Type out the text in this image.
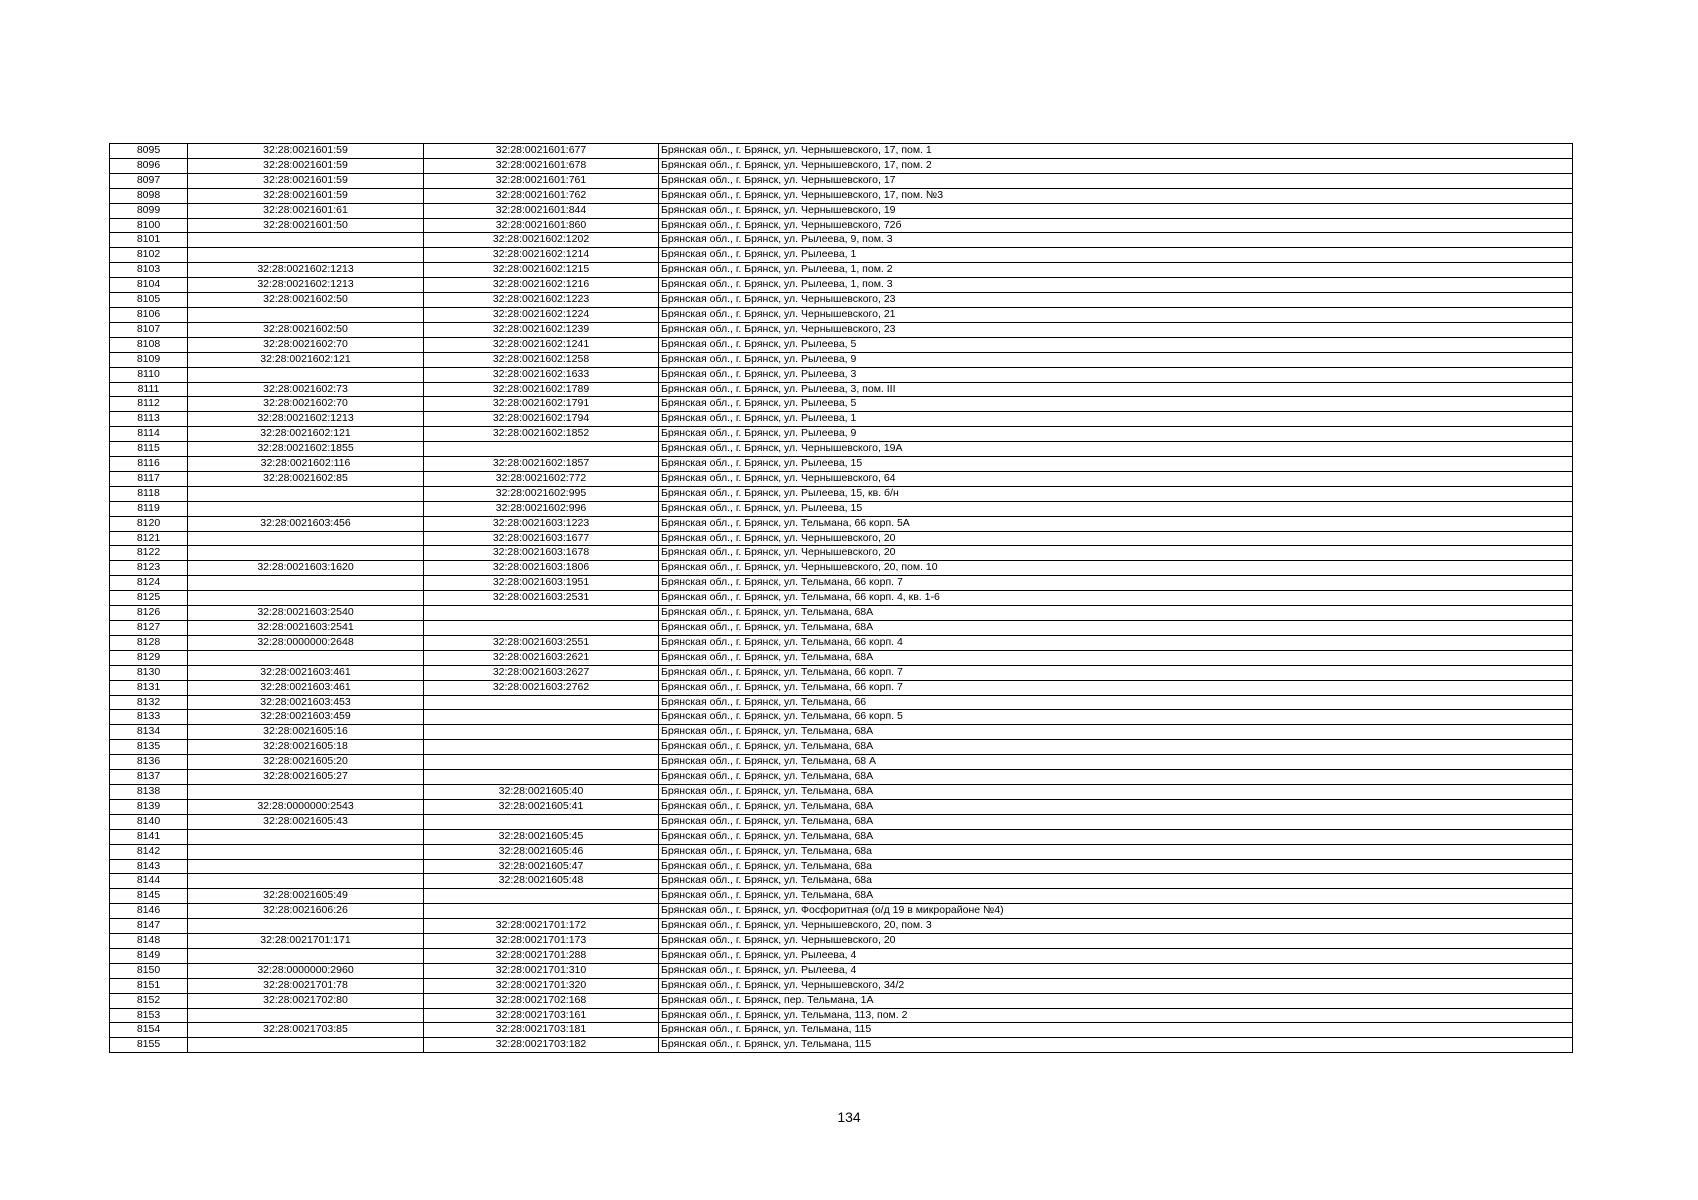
8095	32:28:0021601:59	32:28:0021601:677	Брянская обл., г. Брянск, ул. Чернышевского, 17, пом. 1
8096	32:28:0021601:59	32:28:0021601:678	Брянская обл., г. Брянск, ул. Чернышевского, 17, пом. 2
8097	32:28:0021601:59	32:28:0021601:761	Брянская обл., г. Брянск, ул. Чернышевского, 17
8098	32:28:0021601:59	32:28:0021601:762	Брянская обл., г. Брянск, ул. Чернышевского, 17, пом. №3
8099	32:28:0021601:61	32:28:0021601:844	Брянская обл., г. Брянск, ул. Чернышевского, 19
8100	32:28:0021601:50	32:28:0021601:860	Брянская обл., г. Брянск, ул. Чернышевского, 72б
8101		32:28:0021602:1202	Брянская обл., г. Брянск, ул. Рылеева, 9, пом. 3
8102		32:28:0021602:1214	Брянская обл., г. Брянск, ул. Рылеева, 1
8103	32:28:0021602:1213	32:28:0021602:1215	Брянская обл., г. Брянск, ул. Рылеева, 1, пом. 2
8104	32:28:0021602:1213	32:28:0021602:1216	Брянская обл., г. Брянск, ул. Рылеева, 1, пом. 3
8105	32:28:0021602:50	32:28:0021602:1223	Брянская обл., г. Брянск, ул. Чернышевского, 23
8106		32:28:0021602:1224	Брянская обл., г. Брянск, ул. Чернышевского, 21
8107	32:28:0021602:50	32:28:0021602:1239	Брянская обл., г. Брянск, ул. Чернышевского, 23
8108	32:28:0021602:70	32:28:0021602:1241	Брянская обл., г. Брянск, ул. Рылеева, 5
8109	32:28:0021602:121	32:28:0021602:1258	Брянская обл., г. Брянск, ул. Рылеева, 9
8110		32:28:0021602:1633	Брянская обл., г. Брянск, ул. Рылеева, 3
8111	32:28:0021602:73	32:28:0021602:1789	Брянская обл., г. Брянск, ул. Рылеева, 3, пом. III
8112	32:28:0021602:70	32:28:0021602:1791	Брянская обл., г. Брянск, ул. Рылеева, 5
8113	32:28:0021602:1213	32:28:0021602:1794	Брянская обл., г. Брянск, ул. Рылеева, 1
8114	32:28:0021602:121	32:28:0021602:1852	Брянская обл., г. Брянск, ул. Рылеева, 9
8115	32:28:0021602:1855		Брянская обл., г. Брянск, ул. Чернышевского, 19А
8116	32:28:0021602:116	32:28:0021602:1857	Брянская обл., г. Брянск, ул. Рылеева, 15
8117	32:28:0021602:85	32:28:0021602:772	Брянская обл., г. Брянск, ул. Чернышевского, 64
8118		32:28:0021602:995	Брянская обл., г. Брянск, ул. Рылеева, 15, кв. б/н
8119		32:28:0021602:996	Брянская обл., г. Брянск, ул. Рылеева, 15
8120	32:28:0021603:456	32:28:0021603:1223	Брянская обл., г. Брянск, ул. Тельмана, 66 корп. 5А
8121		32:28:0021603:1677	Брянская обл., г. Брянск, ул. Чернышевского, 20
8122		32:28:0021603:1678	Брянская обл., г. Брянск, ул. Чернышевского, 20
8123	32:28:0021603:1620	32:28:0021603:1806	Брянская обл., г. Брянск, ул. Чернышевского, 20, пом. 10
8124		32:28:0021603:1951	Брянская обл., г. Брянск, ул. Тельмана, 66 корп. 7
8125		32:28:0021603:2531	Брянская обл., г. Брянск, ул. Тельмана, 66 корп. 4, кв. 1-6
8126	32:28:0021603:2540		Брянская обл., г. Брянск, ул. Тельмана, 68А
8127	32:28:0021603:2541		Брянская обл., г. Брянск, ул. Тельмана, 68А
8128	32:28:0000000:2648	32:28:0021603:2551	Брянская обл., г. Брянск, ул. Тельмана, 66 корп. 4
8129		32:28:0021603:2621	Брянская обл., г. Брянск, ул. Тельмана, 68А
8130	32:28:0021603:461	32:28:0021603:2627	Брянская обл., г. Брянск, ул. Тельмана, 66 корп. 7
8131	32:28:0021603:461	32:28:0021603:2762	Брянская обл., г. Брянск, ул. Тельмана, 66 корп. 7
8132	32:28:0021603:453		Брянская обл., г. Брянск, ул. Тельмана, 66
8133	32:28:0021603:459		Брянская обл., г. Брянск, ул. Тельмана, 66 корп. 5
8134	32:28:0021605:16		Брянская обл., г. Брянск, ул. Тельмана, 68А
8135	32:28:0021605:18		Брянская обл., г. Брянск, ул. Тельмана, 68А
8136	32:28:0021605:20		Брянская обл., г. Брянск, ул. Тельмана, 68 А
8137	32:28:0021605:27		Брянская обл., г. Брянск, ул. Тельмана, 68А
8138		32:28:0021605:40	Брянская обл., г. Брянск, ул. Тельмана, 68А
8139	32:28:0000000:2543	32:28:0021605:41	Брянская обл., г. Брянск, ул. Тельмана, 68А
8140	32:28:0021605:43		Брянская обл., г. Брянск, ул. Тельмана, 68А
8141		32:28:0021605:45	Брянская обл., г. Брянск, ул. Тельмана, 68А
8142		32:28:0021605:46	Брянская обл., г. Брянск, ул. Тельмана, 68а
8143		32:28:0021605:47	Брянская обл., г. Брянск, ул. Тельмана, 68а
8144		32:28:0021605:48	Брянская обл., г. Брянск, ул. Тельмана, 68а
8145	32:28:0021605:49		Брянская обл., г. Брянск, ул. Тельмана, 68А
8146	32:28:0021606:26		Брянская обл., г. Брянск, ул. Фосфоритная (о/д 19 в микрорайоне №4)
8147		32:28:0021701:172	Брянская обл., г. Брянск, ул. Чернышевского, 20, пом. 3
8148	32:28:0021701:171	32:28:0021701:173	Брянская обл., г. Брянск, ул. Чернышевского, 20
8149		32:28:0021701:288	Брянская обл., г. Брянск, ул. Рылеева, 4
8150	32:28:0000000:2960	32:28:0021701:310	Брянская обл., г. Брянск, ул. Рылеева, 4
8151	32:28:0021701:78	32:28:0021701:320	Брянская обл., г. Брянск, ул. Чернышевского, 34/2
8152	32:28:0021702:80	32:28:0021702:168	Брянская обл., г. Брянск, пер. Тельмана, 1А
8153		32:28:0021703:161	Брянская обл., г. Брянск, ул. Тельмана, 113, пом. 2
8154	32:28:0021703:85	32:28:0021703:181	Брянская обл., г. Брянск, ул. Тельмана, 115
8155		32:28:0021703:182	Брянская обл., г. Брянск, ул. Тельмана, 115
134
